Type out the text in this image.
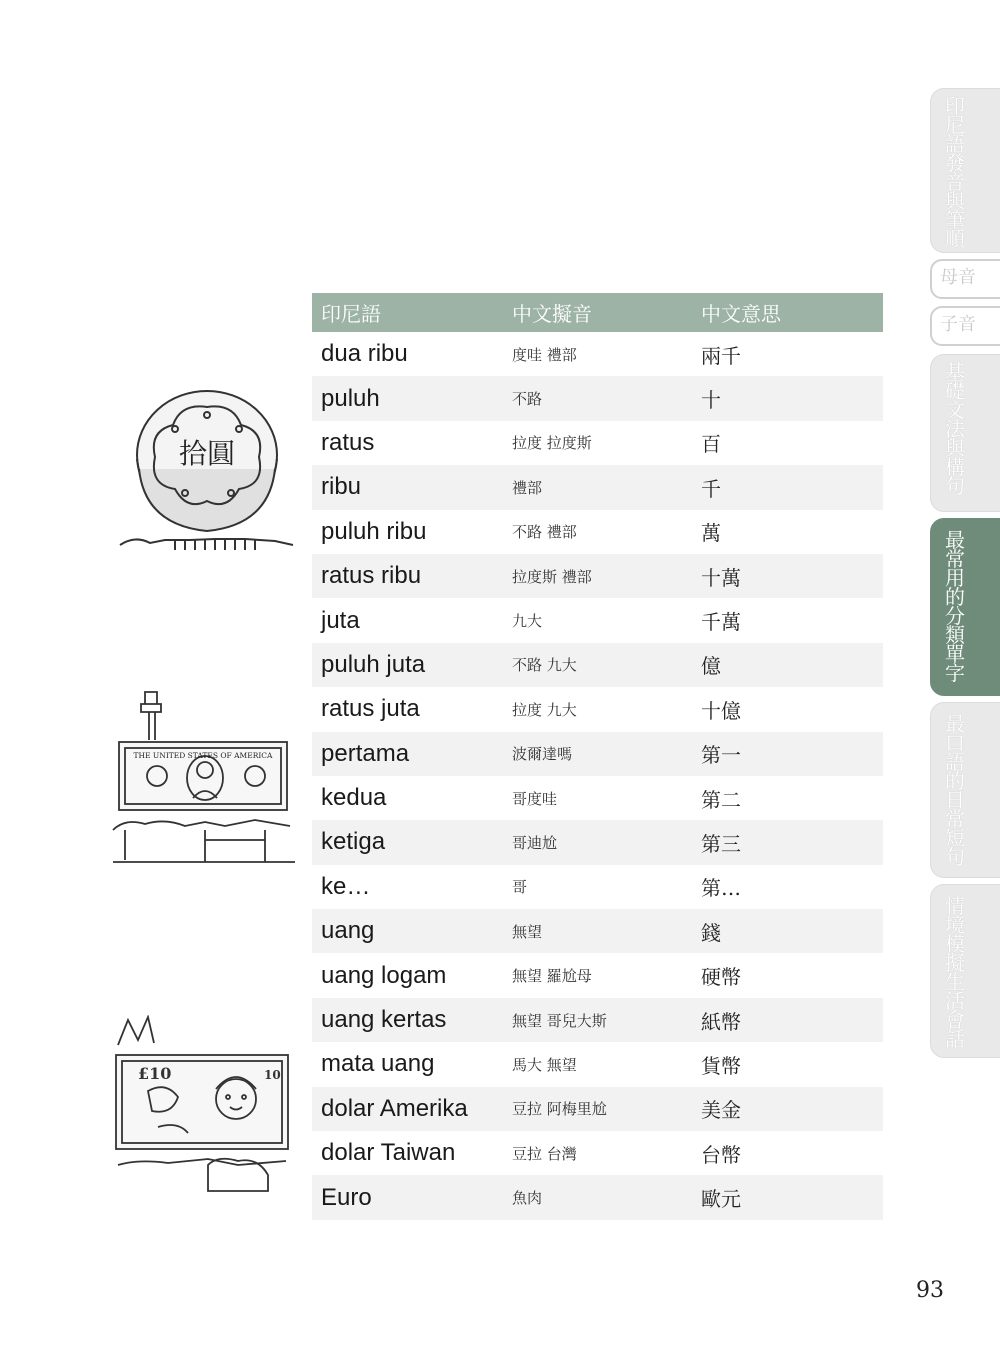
拾圓
THE UNITED STATES OF AMERICA
£10	10
印尼語	中文擬音	中文意思
dua ribu	度哇 禮部	兩千
puluh	不路	十
ratus	拉度 拉度斯	百
ribu	禮部	千
puluh ribu	不路 禮部	萬
ratus ribu	拉度斯 禮部	十萬
juta	九大	千萬
puluh juta	不路 九大	億
ratus juta	拉度 九大	十億
pertama	波爾達嗎	第一
kedua	哥度哇	第二
ketiga	哥迪尬	第三
ke…	哥	第…
uang	無望	錢
uang logam	無望 羅尬母	硬幣
uang kertas	無望 哥兒大斯	紙幣
mata uang	馬大 無望	貨幣
dolar Amerika	豆拉 阿梅里尬	美金
dolar Taiwan	豆拉 台灣	台幣
Euro	魚肉	歐元
印尼語發音與筆順
母音
子音
基礎文法與構句
最常用的分類單字
最口語的日常短句
情境模擬生活會話
93
